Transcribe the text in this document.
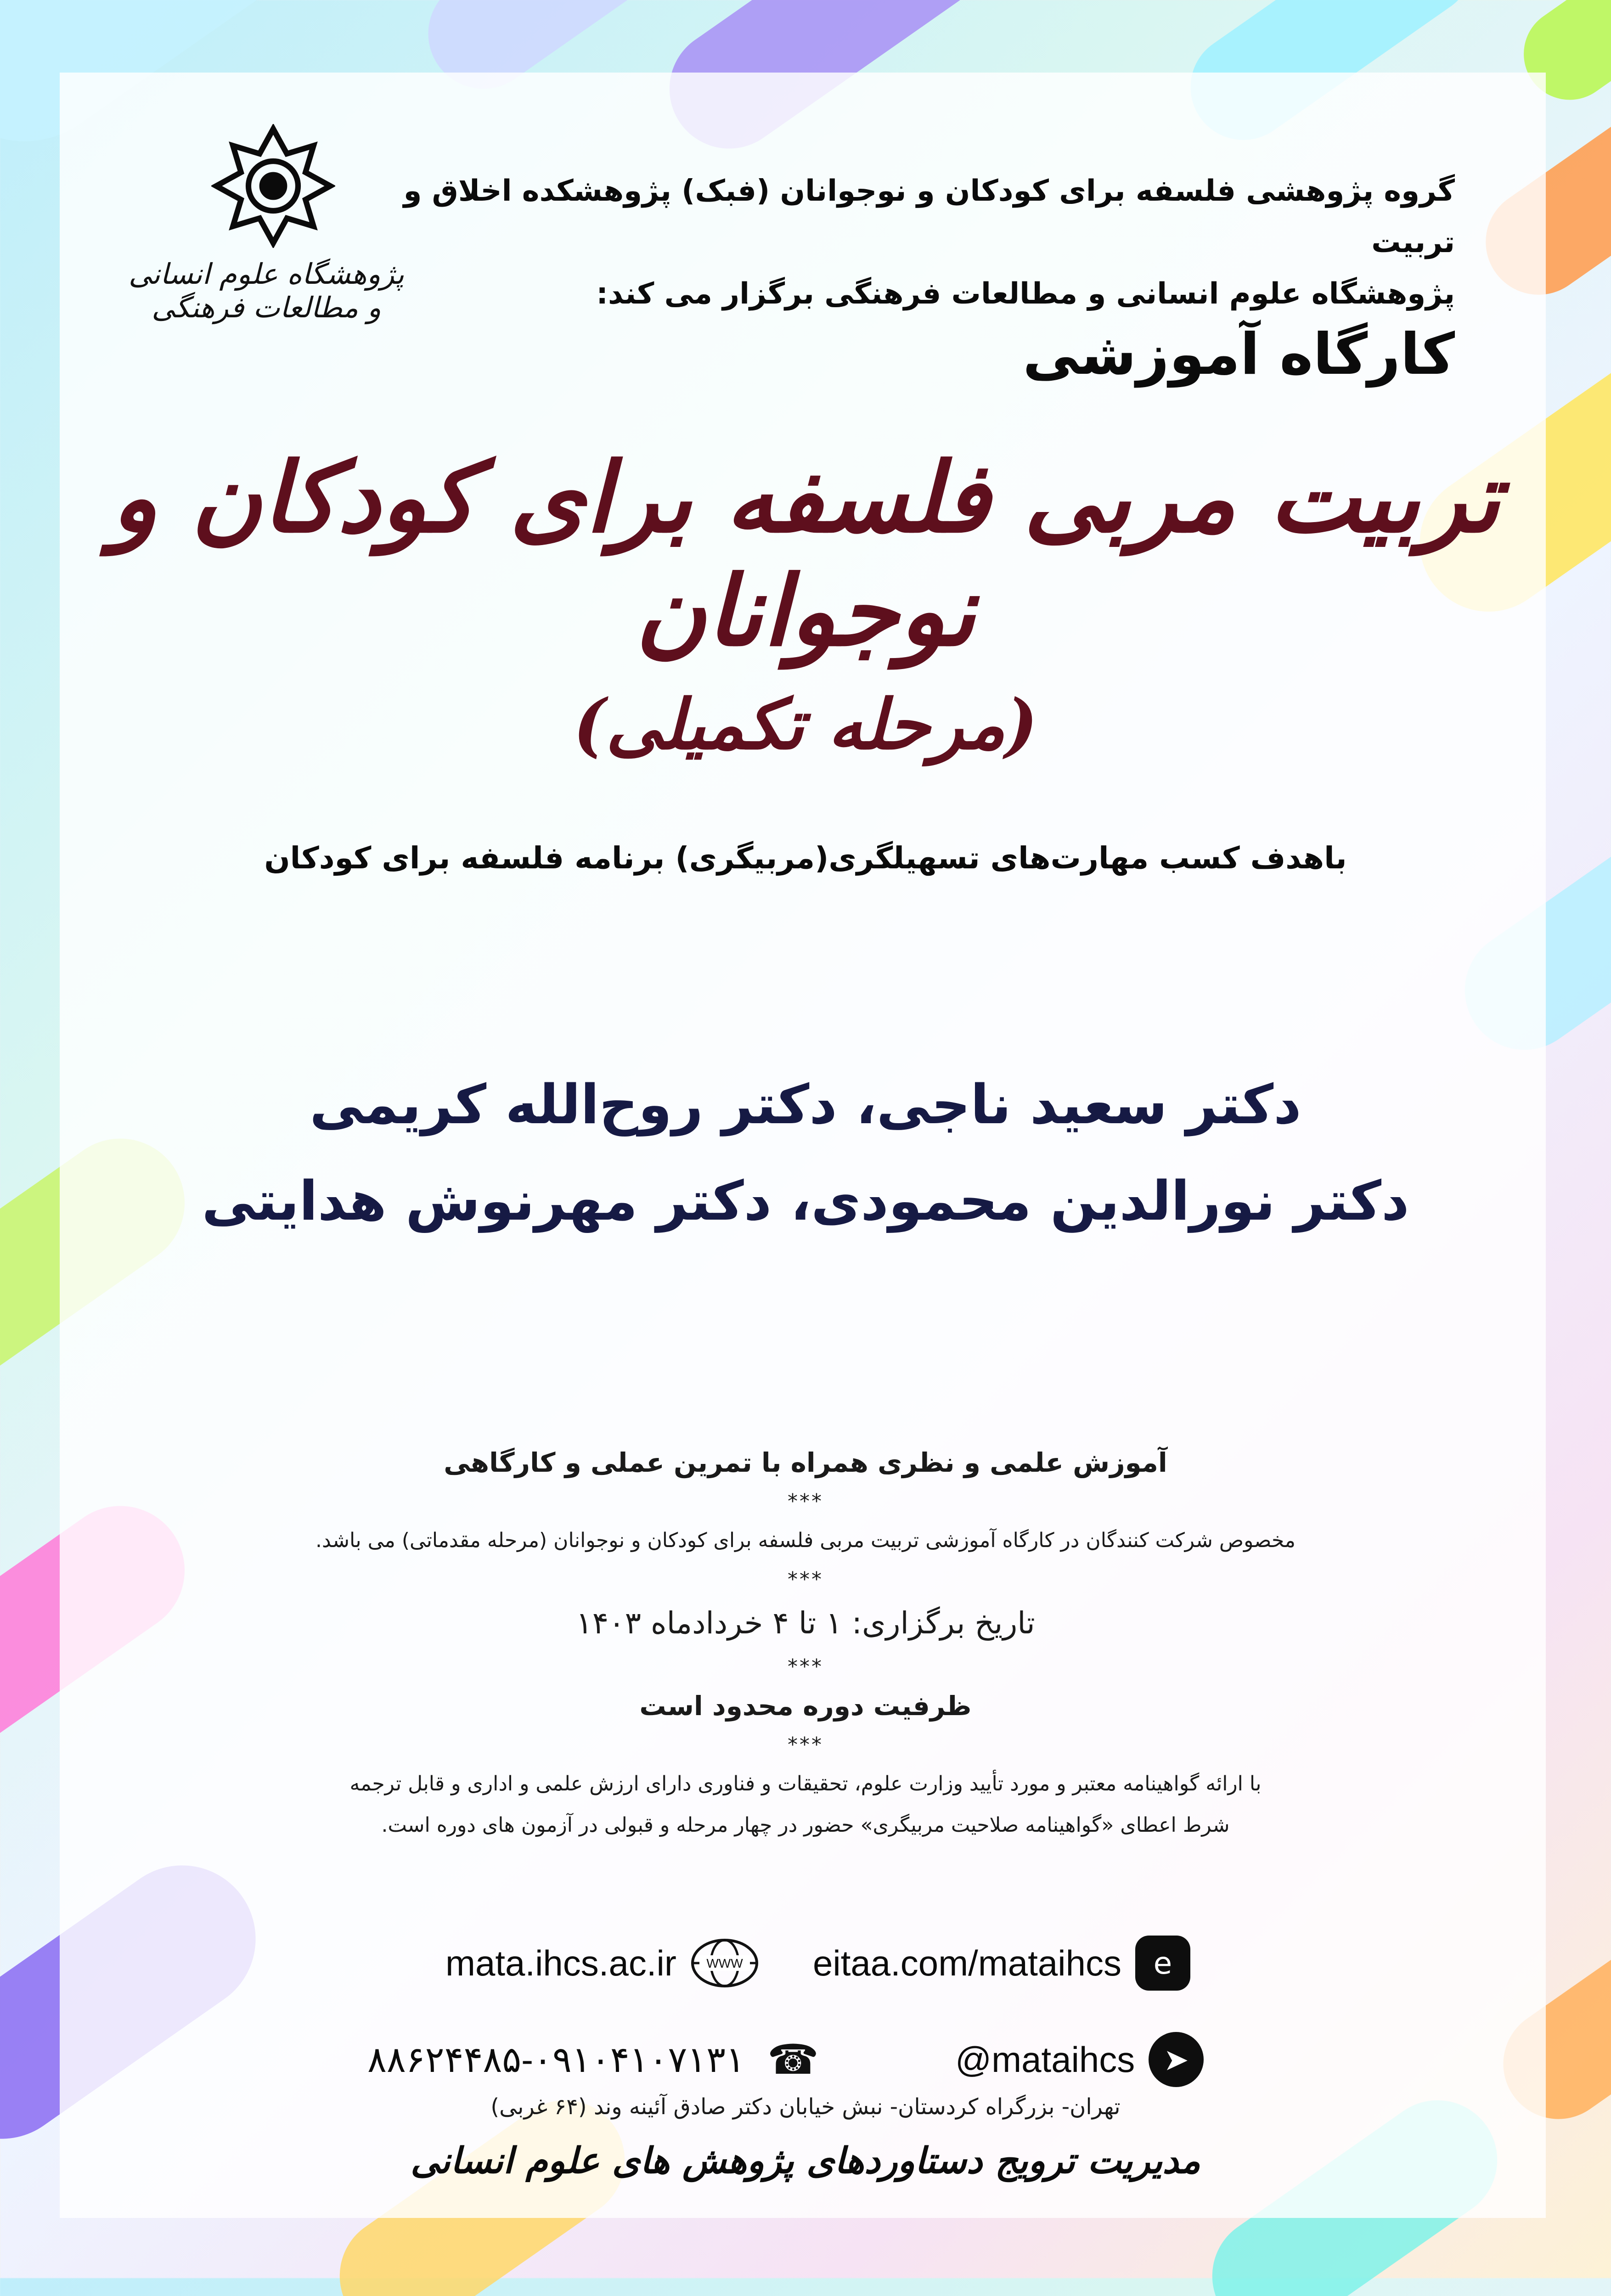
پژوهشگاه علوم انسانی و مطالعات فرهنگی
گروه پژوهشی فلسفه برای کودکان و نوجوانان (فبک) پژوهشکده اخلاق و تربیت
پژوهشگاه علوم انسانی و مطالعات فرهنگی برگزار می کند:
کارگاه آموزشی
تربیت مربی فلسفه برای کودکان و نوجوانان
(مرحله تکمیلی)
باهدف کسب مهارت‌های تسهیلگری(مربیگری) برنامه فلسفه برای کودکان
دکتر سعید ناجی، دکتر روح‌الله کریمی
دکتر نورالدین محمودی، دکتر مهرنوش هدایتی
آموزش علمی و نظری همراه با تمرین عملی و کارگاهی
***
مخصوص شرکت کنندگان در کارگاه آموزشی تربیت مربی فلسفه برای کودکان و نوجوانان (مرحله مقدماتی) می باشد.
***
تاریخ برگزاری: ۱ تا ۴ خردادماه ۱۴۰۳
***
ظرفیت دوره محدود است
***
با ارائه گواهینامه معتبر و مورد تأیید وزارت علوم، تحقیقات و فناوری دارای ارزش علمی و اداری و قابل ترجمه
شرط اعطای «گواهینامه صلاحیت مربیگری» حضور در چهار مرحله و قبولی در آزمون های دوره است.
mata.ihcs.ac.ir WWW eitaa.com/mataihcs	e
۸۸۶۲۴۴۸۵-۰۹۱۰۴۱۰۷۱۳۱ ☎	@mataihcs ➤
تهران- بزرگراه کردستان- نبش خیابان دکتر صادق آئینه وند (۶۴ غربی)
مدیریت ترویج دستاوردهای پژوهش های علوم انسانی
